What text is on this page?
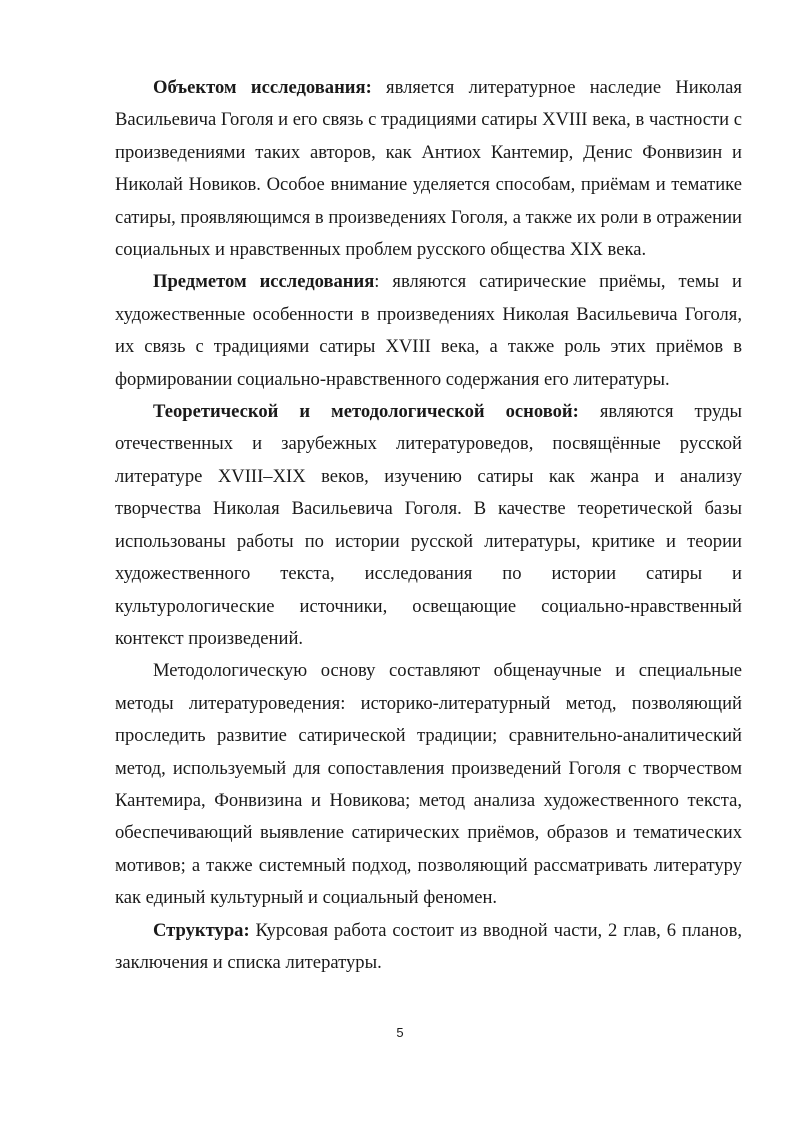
Объектом исследования: является литературное наследие Николая Васильевича Гоголя и его связь с традициями сатиры XVIII века, в частности с произведениями таких авторов, как Антиох Кантемир, Денис Фонвизин и Николай Новиков. Особое внимание уделяется способам, приёмам и тематике сатиры, проявляющимся в произведениях Гоголя, а также их роли в отражении социальных и нравственных проблем русского общества XIX века.

Предметом исследования: являются сатирические приёмы, темы и художественные особенности в произведениях Николая Васильевича Гоголя, их связь с традициями сатиры XVIII века, а также роль этих приёмов в формировании социально-нравственного содержания его литературы.

Теоретической и методологической основой: являются труды отечественных и зарубежных литературоведов, посвящённые русской литературе XVIII–XIX веков, изучению сатиры как жанра и анализу творчества Николая Васильевича Гоголя. В качестве теоретической базы использованы работы по истории русской литературы, критике и теории художественного текста, исследования по истории сатиры и культурологические источники, освещающие социально-нравственный контекст произведений.

Методологическую основу составляют общенаучные и специальные методы литературоведения: историко-литературный метод, позволяющий проследить развитие сатирической традиции; сравнительно-аналитический метод, используемый для сопоставления произведений Гоголя с творчеством Кантемира, Фонвизина и Новикова; метод анализа художественного текста, обеспечивающий выявление сатирических приёмов, образов и тематических мотивов; а также системный подход, позволяющий рассматривать литературу как единый культурный и социальный феномен.

Структура: Курсовая работа состоит из вводной части, 2 глав, 6 планов, заключения и списка литературы.

5
